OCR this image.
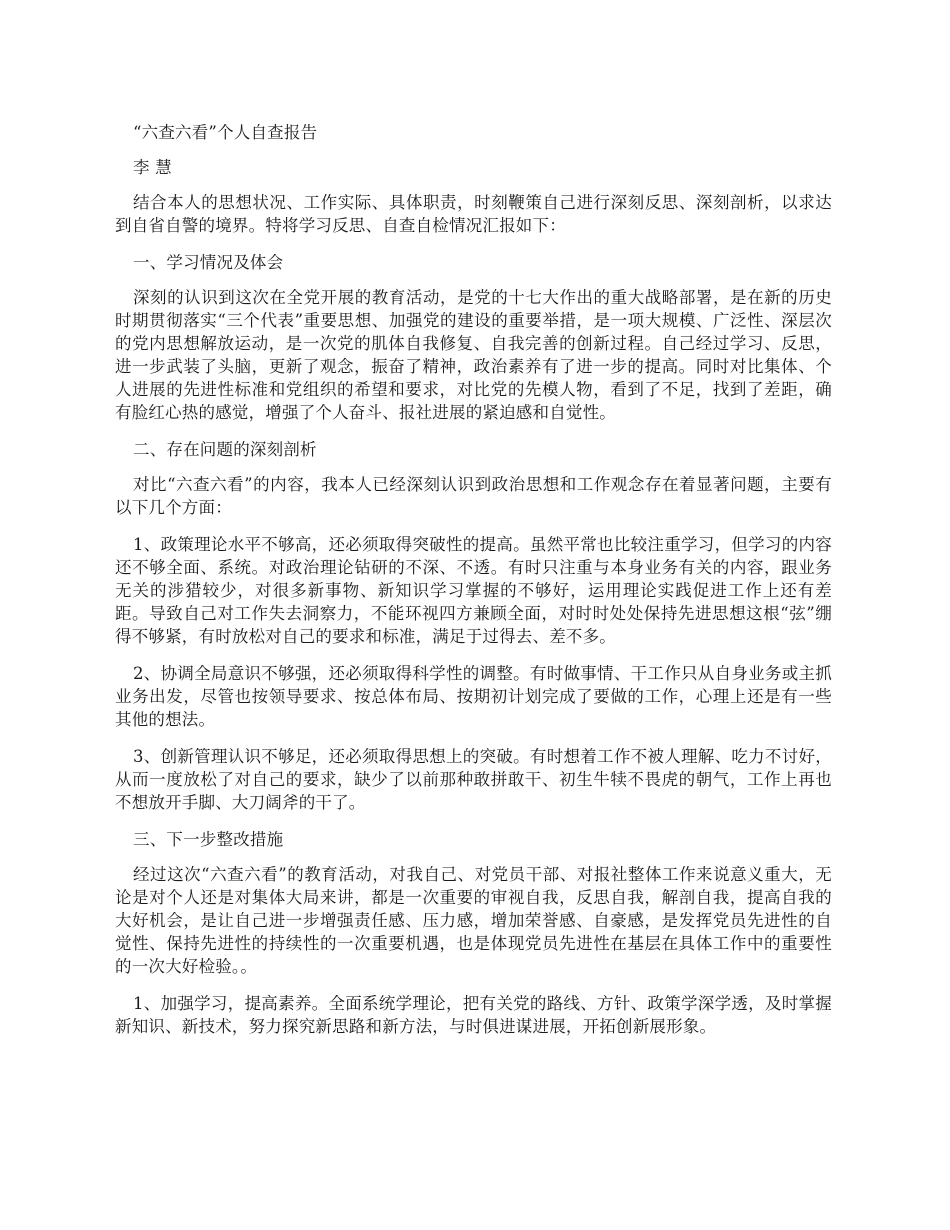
“六查六看”个人自查报告

李 慧

结合本人的思想状况、工作实际、具体职责，时刻鞭策自己进行深刻反思、深刻剖析，以求达到自省自警的境界。特将学习反思、自查自检情况汇报如下：

一、学习情况及体会

深刻的认识到这次在全党开展的教育活动，是党的十七大作出的重大战略部署，是在新的历史时期贯彻落实“三个代表”重要思想、加强党的建设的重要举措，是一项大规模、广泛性、深层次的党内思想解放运动，是一次党的肌体自我修复、自我完善的创新过程。自己经过学习、反思，进一步武装了头脑，更新了观念，振奋了精神，政治素养有了进一步的提高。同时对比集体、个人进展的先进性标准和党组织的希望和要求，对比党的先模人物，看到了不足，找到了差距，确有脸红心热的感觉，增强了个人奋斗、报社进展的紧迫感和自觉性。

二、存在问题的深刻剖析

对比“六查六看”的内容，我本人已经深刻认识到政治思想和工作观念存在着显著问题，主要有以下几个方面：

1、政策理论水平不够高，还必须取得突破性的提高。虽然平常也比较注重学习，但学习的内容还不够全面、系统。对政治理论钻研的不深、不透。有时只注重与本身业务有关的内容，跟业务无关的涉猎较少，对很多新事物、新知识学习掌握的不够好，运用理论实践促进工作上还有差距。导致自己对工作失去洞察力，不能环视四方兼顾全面，对时时处处保持先进思想这根“弦”绷得不够紧，有时放松对自己的要求和标准，满足于过得去、差不多。

2、协调全局意识不够强，还必须取得科学性的调整。有时做事情、干工作只从自身业务或主抓业务出发，尽管也按领导要求、按总体布局、按期初计划完成了要做的工作，心理上还是有一些其他的想法。

3、创新管理认识不够足，还必须取得思想上的突破。有时想着工作不被人理解、吃力不讨好，从而一度放松了对自己的要求，缺少了以前那种敢拼敢干、初生牛犊不畏虎的朝气，工作上再也不想放开手脚、大刀阔斧的干了。

三、下一步整改措施

经过这次“六查六看”的教育活动，对我自己、对党员干部、对报社整体工作来说意义重大，无论是对个人还是对集体大局来讲，都是一次重要的审视自我，反思自我，解剖自我，提高自我的大好机会，是让自己进一步增强责任感、压力感，增加荣誉感、自豪感，是发挥党员先进性的自觉性、保持先进性的持续性的一次重要机遇，也是体现党员先进性在基层在具体工作中的重要性的一次大好检验。。

1、加强学习，提高素养。全面系统学理论，把有关党的路线、方针、政策学深学透，及时掌握新知识、新技术，努力探究新思路和新方法，与时俱进谋进展，开拓创新展形象。
